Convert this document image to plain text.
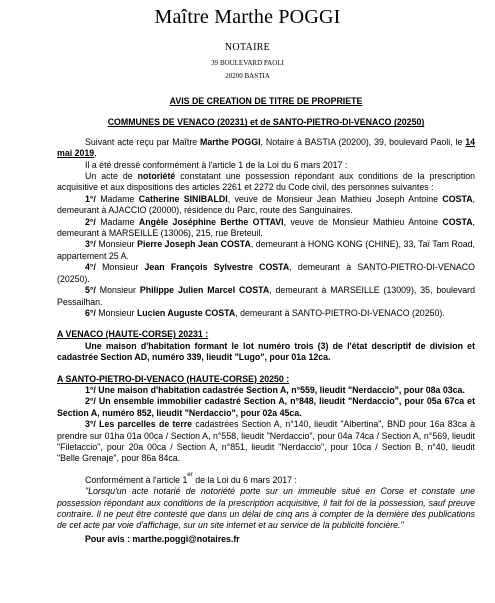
Maître Marthe POGGI
NOTAIRE
39 BOULEVARD PAOLI
20200 BASTIA

AVIS DE CREATION DE TITRE DE PROPRIETE

COMMUNES DE VENACO (20231) et de SANTO-PIETRO-DI-VENACO (20250)

Suivant acte reçu par Maître Marthe POGGI, Notaire à BASTIA (20200), 39, boulevard Paoli, le 14 mai 2019,

Il a été dressé conformément à l'article 1 de la Loi du 6 mars 2017 :

Un acte de notoriété constatant une possession répondant aux conditions de la prescription acquisitive et aux dispositions des articles 2261 et 2272 du Code civil, des personnes suivantes :

1°/ Madame Catherine SINIBALDI, veuve de Monsieur Jean Mathieu Joseph Antoine COSTA, demeurant à AJACCIO (20000), résidence du Parc, route des Sanguinaires.

2°/ Madame Angèle Joséphine Berthe OTTAVI, veuve de Monsieur Mathieu Antoine COSTA, demeurant à MARSEILLE (13006), 215, rue Breteuil.

3°/ Monsieur Pierre Joseph Jean COSTA, demeurant à HONG KONG (CHINE), 33, Taï Tam Road, appartement 25 A.

4°/ Monsieur Jean François Sylvestre COSTA, demeurant à SANTO-PIETRO-DI-VENACO (20250).

5°/ Monsieur Philippe Julien Marcel COSTA, demeurant à MARSEILLE (13009), 35, boulevard Pessailhan.

6°/ Monsieur Lucien Auguste COSTA, demeurant à SANTO-PIETRO-DI-VENACO (20250).

A VENACO (HAUTE-CORSE) 20231 :

Une maison d'habitation formant le lot numéro trois (3) de l'état descriptif de division et cadastrée Section AD, numéro 339, lieudit "Lugo", pour 01a 12ca.

A SANTO-PIETRO-DI-VENACO (HAUTE-CORSE) 20250 :

1°/ Une maison d'habitation cadastrée Section A, n°559, lieudit "Nerdaccio", pour 08a 03ca.

2°/ Un ensemble immobilier cadastré Section A, n°848, lieudit "Nerdaccio", pour 05a 67ca et Section A, numéro 852, lieudit "Nerdaccio", pour 02a 45ca.

3°/ Les parcelles de terre cadastrées Section A, n°140, lieudit "Albertina", BND pour 16a 83ca à prendre sur 01ha 01a 00ca / Section A, n°558, lieudit "Nerdaccio", pour 04a 74ca / Section A, n°569, lieudit "Filetaccio", pour 20a 00ca / Section A, n°851, lieudit "Nerdaccio", pour 10ca / Section B, n°40, lieudit "Belle Grenaje", pour 86a 84ca.

Conformément à l'article 1er de la Loi du 6 mars 2017 :

"Lorsqu'un acte notarié de notoriété porte sur un immeuble situé en Corse et constate une possession répondant aux conditions de la prescription acquisitive, il fait foi de la possession, sauf preuve contraire. Il ne peut être contesté que dans un délai de cinq ans à compter de la dernière des publications de cet acte par voie d'affichage, sur un site internet et au service de la publicité foncière."

Pour avis : marthe.poggi@notaires.fr
